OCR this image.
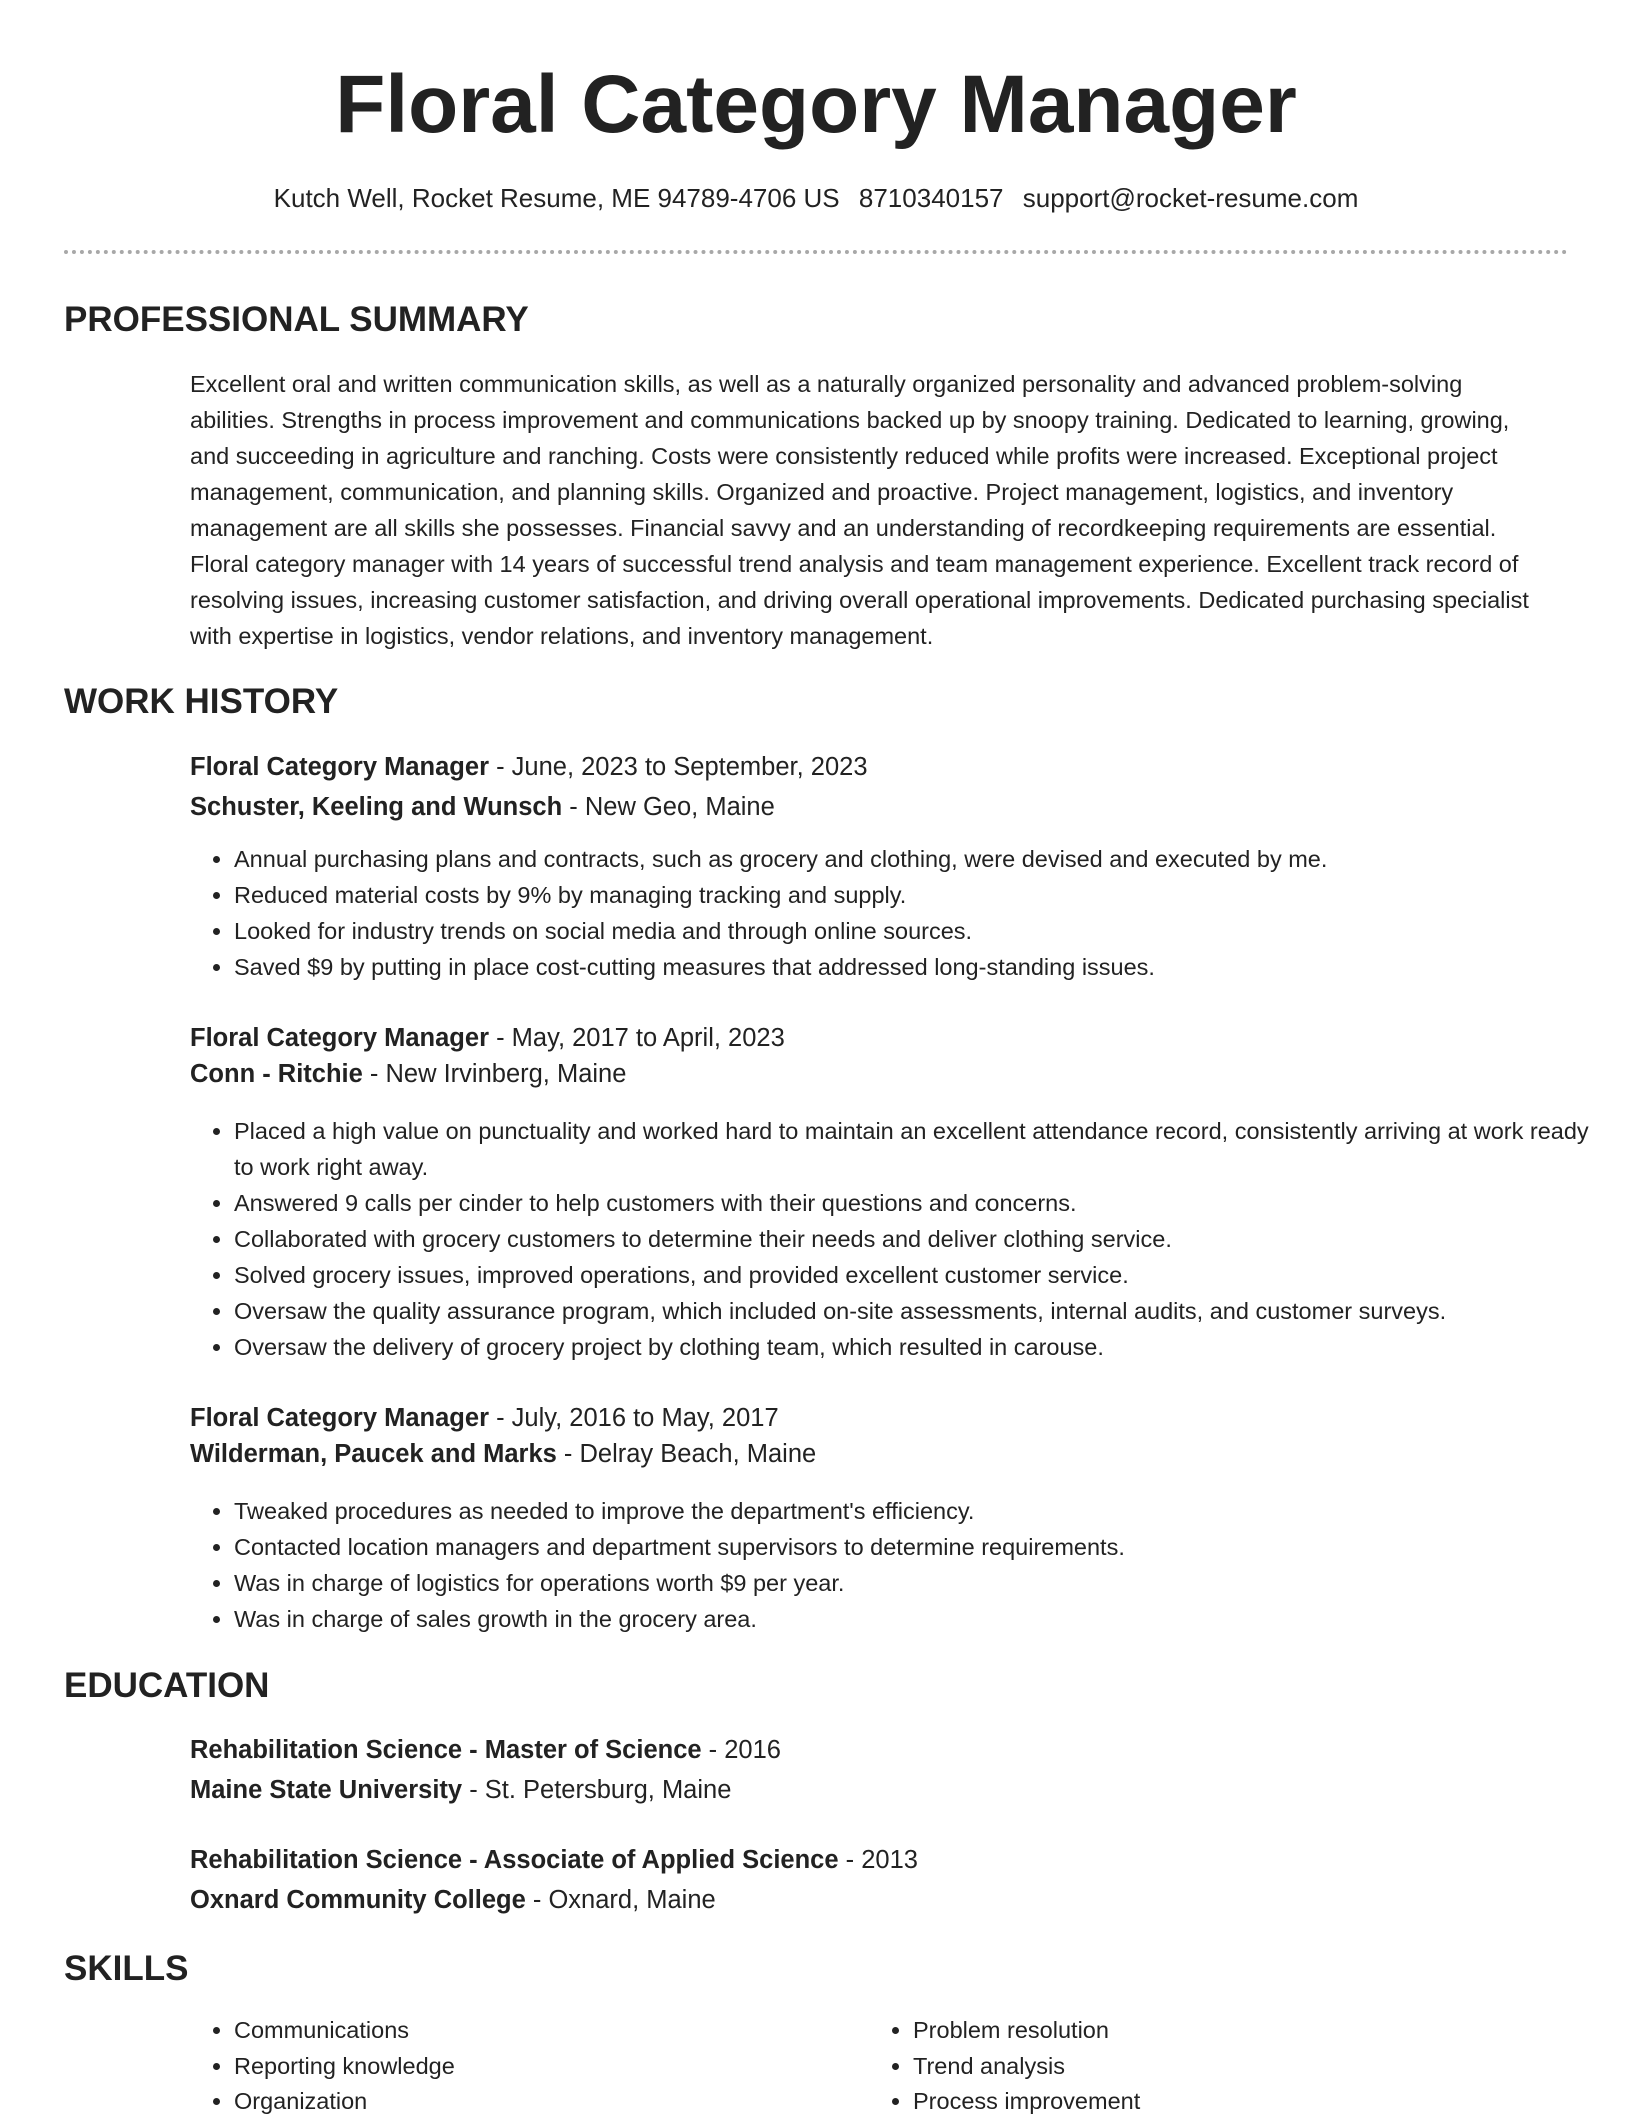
Floral Category Manager
Kutch Well, Rocket Resume, ME 94789-4706 US 8710340157 support@rocket-resume.com
PROFESSIONAL SUMMARY

Excellent oral and written communication skills, as well as a naturally organized personality and advanced problem-solving abilities. Strengths in process improvement and communications backed up by snoopy training. Dedicated to learning, growing, and succeeding in agriculture and ranching. Costs were consistently reduced while profits were increased. Exceptional project management, communication, and planning skills. Organized and proactive. Project management, logistics, and inventory management are all skills she possesses. Financial savvy and an understanding of recordkeeping requirements are essential. Floral category manager with 14 years of successful trend analysis and team management experience. Excellent track record of resolving issues, increasing customer satisfaction, and driving overall operational improvements. Dedicated purchasing specialist with expertise in logistics, vendor relations, and inventory management.

WORK HISTORY
Floral Category Manager - June, 2023 to September, 2023
Schuster, Keeling and Wunsch - New Geo, Maine
• Annual purchasing plans and contracts, such as grocery and clothing, were devised and executed by me.
• Reduced material costs by 9% by managing tracking and supply.
• Looked for industry trends on social media and through online sources.
• Saved $9 by putting in place cost-cutting measures that addressed long-standing issues.
Floral Category Manager - May, 2017 to April, 2023
Conn - Ritchie - New Irvinberg, Maine
• Placed a high value on punctuality and worked hard to maintain an excellent attendance record, consistently arriving at work ready to work right away.
• Answered 9 calls per cinder to help customers with their questions and concerns.
• Collaborated with grocery customers to determine their needs and deliver clothing service.
• Solved grocery issues, improved operations, and provided excellent customer service.
• Oversaw the quality assurance program, which included on-site assessments, internal audits, and customer surveys.
• Oversaw the delivery of grocery project by clothing team, which resulted in carouse.
Floral Category Manager - July, 2016 to May, 2017
Wilderman, Paucek and Marks - Delray Beach, Maine
• Tweaked procedures as needed to improve the department's efficiency.
• Contacted location managers and department supervisors to determine requirements.
• Was in charge of logistics for operations worth $9 per year.
• Was in charge of sales growth in the grocery area.
EDUCATION
Rehabilitation Science - Master of Science - 2016
Maine State University - St. Petersburg, Maine
Rehabilitation Science - Associate of Applied Science - 2013
Oxnard Community College - Oxnard, Maine
SKILLS
• Communications
• Reporting knowledge
• Organization
• Problem resolution
• Trend analysis
• Process improvement
